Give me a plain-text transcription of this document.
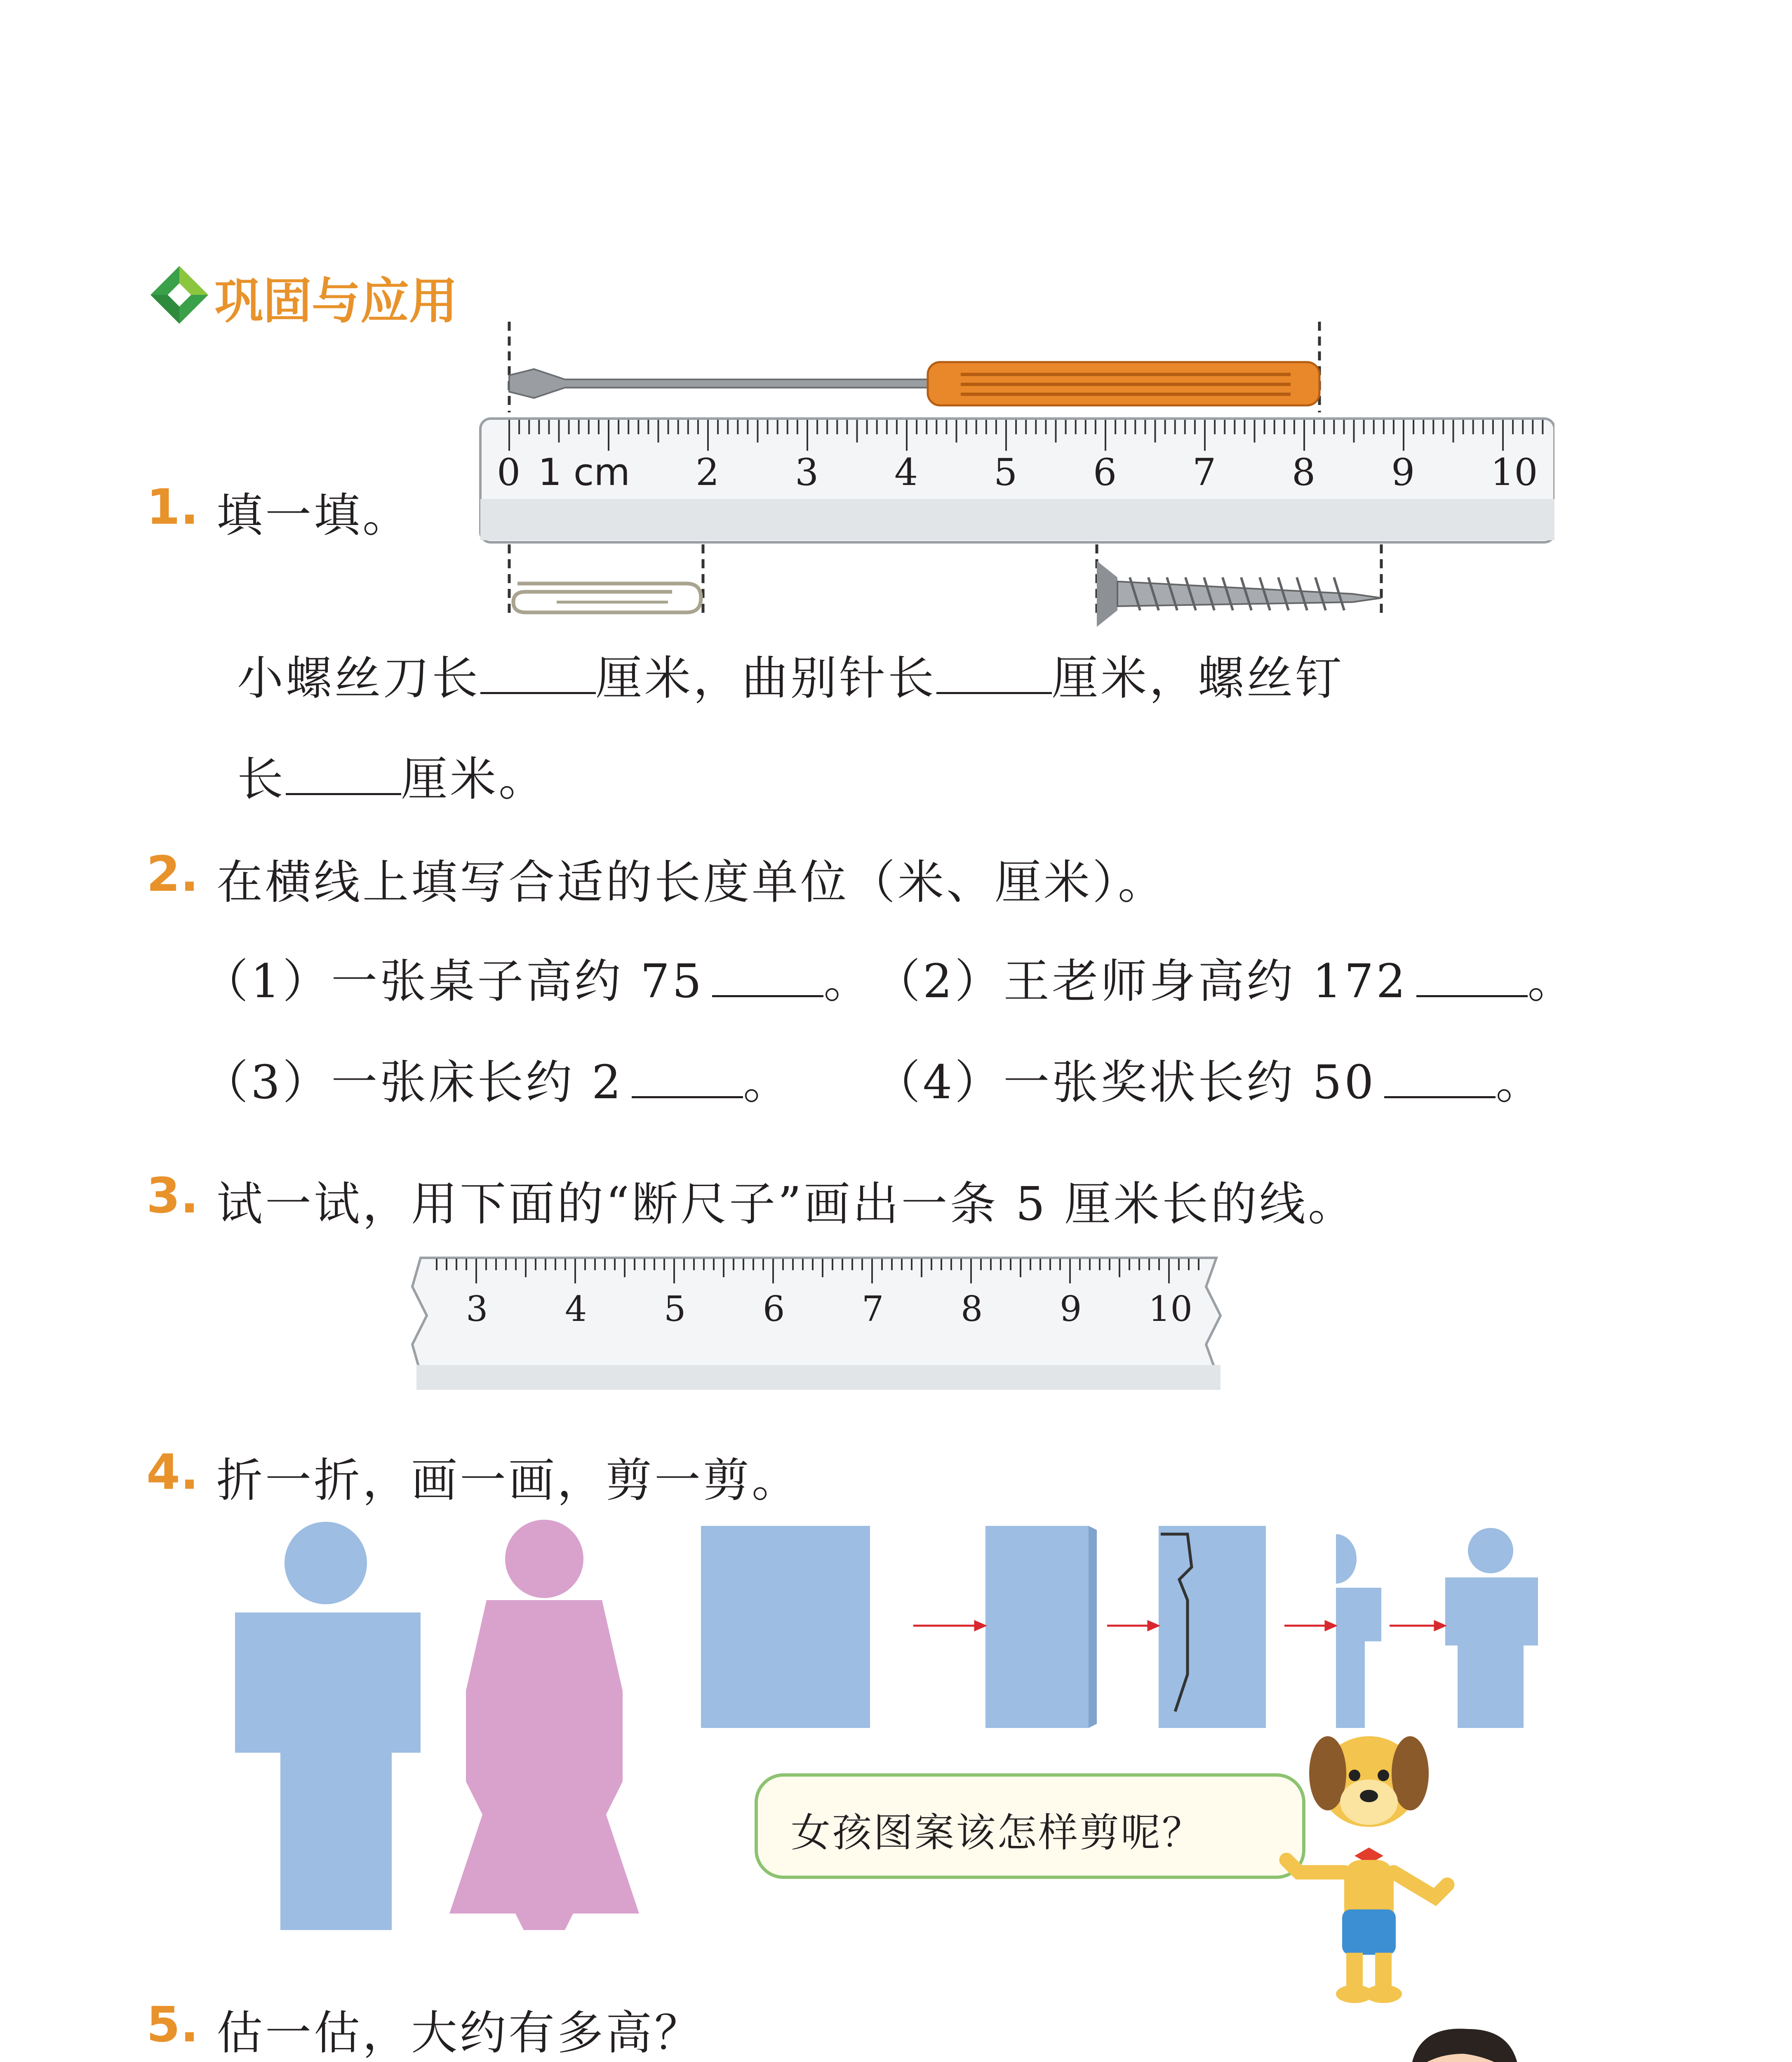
巩固与应用
1. 填一填。
1 cm
0	2 3 4 5 6 7 8 9 10
小螺丝刀长	厘米，曲别针长	厘米，螺丝钉
长	厘米。
2. 在横线上填写合适的长度单位（米、厘米）。
（1）一张桌子高约 75	。 （2）王老师身高约 172	。
（3）一张床长约 2	。 （4）一张奖状长约 50	。
3. 试一试，用下面的“断尺子”画出一条 5 厘米长的线。
3 4 5 6 7 8 9 10
4. 折一折，画一画，剪一剪。
女孩图案该怎样剪呢？
5. 估一估，大约有多高？
